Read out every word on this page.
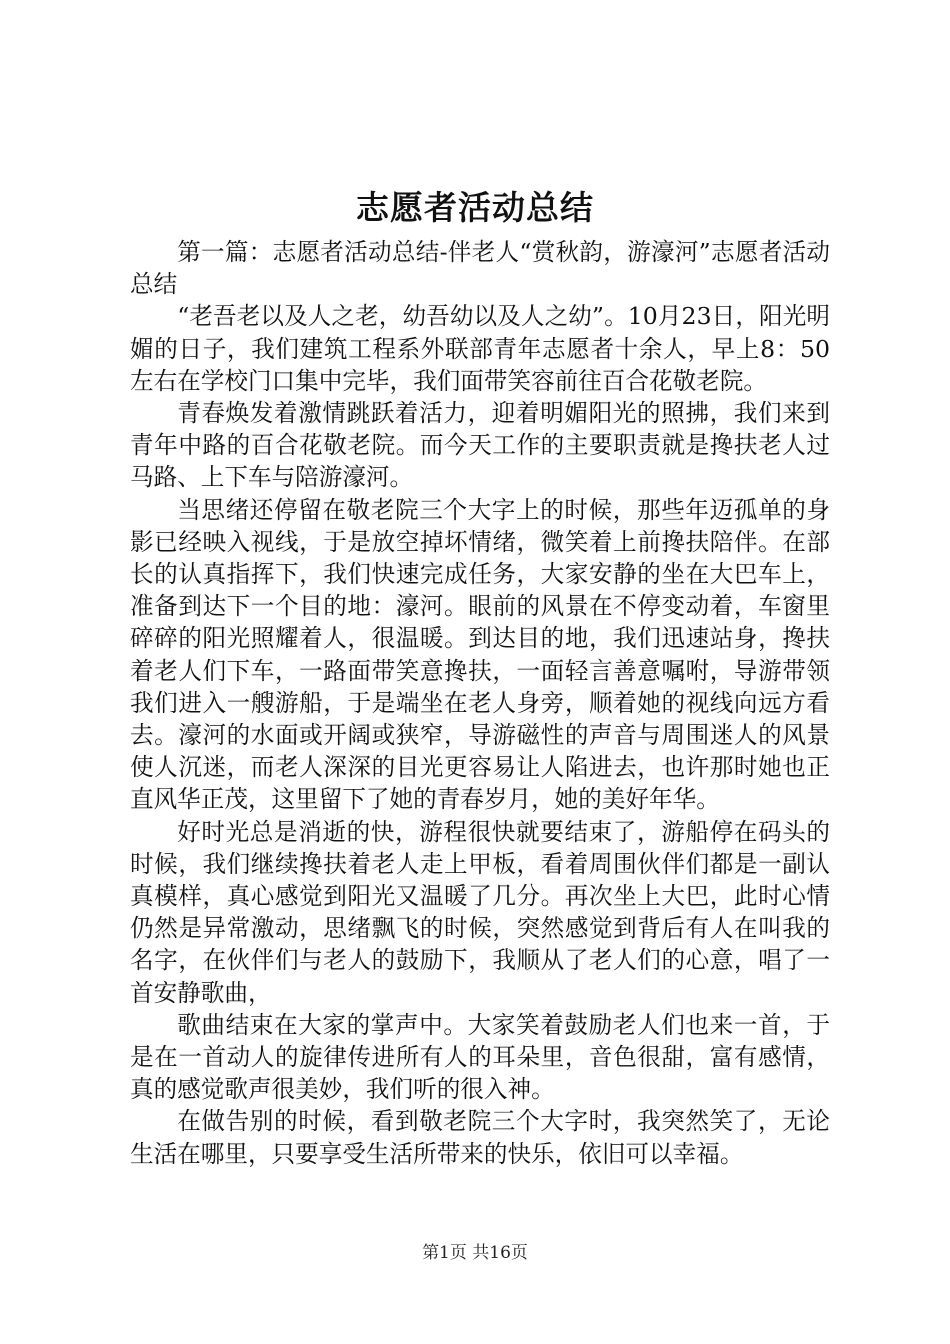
志愿者活动总结

第一篇：志愿者活动总结-伴老人“赏秋韵，游濠河”志愿者活动总结

“老吾老以及人之老，幼吾幼以及人之幼”。10月23日，阳光明媚的日子，我们建筑工程系外联部青年志愿者十余人，早上8：50左右在学校门口集中完毕，我们面带笑容前往百合花敬老院。

青春焕发着激情跳跃着活力，迎着明媚阳光的照拂，我们来到青年中路的百合花敬老院。而今天工作的主要职责就是搀扶老人过马路、上下车与陪游濠河。

当思绪还停留在敬老院三个大字上的时候，那些年迈孤单的身影已经映入视线，于是放空掉坏情绪，微笑着上前搀扶陪伴。在部长的认真指挥下，我们快速完成任务，大家安静的坐在大巴车上，准备到达下一个目的地：濠河。眼前的风景在不停变动着，车窗里碎碎的阳光照耀着人，很温暖。到达目的地，我们迅速站身，搀扶着老人们下车，一路面带笑意搀扶，一面轻言善意嘱咐，导游带领我们进入一艘游船，于是端坐在老人身旁，顺着她的视线向远方看去。濠河的水面或开阔或狭窄，导游磁性的声音与周围迷人的风景使人沉迷，而老人深深的目光更容易让人陷进去，也许那时她也正直风华正茂，这里留下了她的青春岁月，她的美好年华。

好时光总是消逝的快，游程很快就要结束了，游船停在码头的时候，我们继续搀扶着老人走上甲板，看着周围伙伴们都是一副认真模样，真心感觉到阳光又温暖了几分。再次坐上大巴，此时心情仍然是异常激动，思绪飘飞的时候，突然感觉到背后有人在叫我的名字，在伙伴们与老人的鼓励下，我顺从了老人们的心意，唱了一首安静歌曲，

歌曲结束在大家的掌声中。大家笑着鼓励老人们也来一首，于是在一首动人的旋律传进所有人的耳朵里，音色很甜，富有感情，真的感觉歌声很美妙，我们听的很入神。

在做告别的时候，看到敬老院三个大字时，我突然笑了，无论生活在哪里，只要享受生活所带来的快乐，依旧可以幸福。

第1页 共16页
